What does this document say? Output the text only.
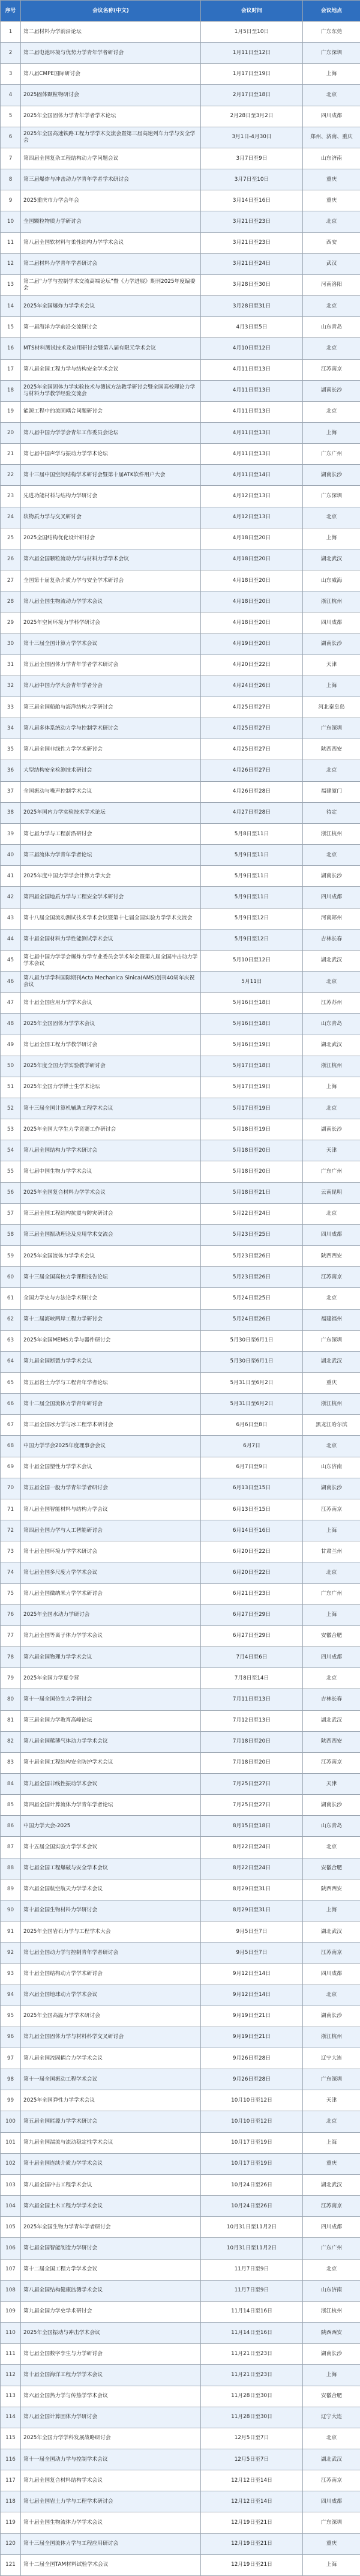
序号	会议名称(中文)	会议时间	会议地点
1	第二届材料力学前沿论坛	1月5日至10日	广东东莞
2	第二届电池环境与优势力学青年学者研讨会	1月11日至12日	广东深圳
3	第八届CMPE国际研讨会	1月17日至19日	上海
4	2025固体颗粒物研讨会	2月17日至18日	北京
5	2025年全国固体力学青年学者学术论坛	2月28日至3月2日	四川成都
6	2025年全国高速铁路工程力学学术交流会暨第三届高速列车力学与安全学会	3月1日-4月30日	郑州、济南、重庆
7	第四届全国复杂工程结构动力学问题会议	3月7日至9日	山东济南
8	第三届爆炸与冲击动力学青年学者学术研讨会	3月7日至10日	重庆
9	2025重庆市力学会年会	3月14日至16日	重庆
10	全国颗粒物质力学研讨会	3月21日至23日	北京
11	第八届全国软材料与柔性结构力学学术会议	3月21日至23日	西安
12	第二届材料力学青年学者研讨会	3月21日至24日	武汉
13	第二届“力学与控制学术交流高端论坛”暨《力学进展》期刊2025年度编委会	3月28日至30日	河南洛阳
14	2025年全国爆炸力学学术会议	3月28日至31日	北京
15	第一届海洋力学前沿交流研讨会	4月3日至5日	山东青岛
16	MTS材料测试技术及应用研讨会暨第八届有限元学术会议	4月10日至12日	北京
17	第八届全国工程力学与结构安全学术会议	4月11日至13日	江苏南京
18	2025年全国固体力学实验技术与测试方法教学研讨会暨全国高校理论力学与材料力学教学经验交流会	4月11日至13日	湖南长沙
19	能源工程中的流固耦合问题研讨会	4月11日至13日	北京
20	第八届中国力学学会青年工作委员会论坛	4月11日至13日	上海
21	第七届中国声学与振动力学学术论坛	4月11日至13日	广东广州
22	第十三届中国空间结构学术研讨会暨第十届ATK软件用户大会	4月11日至14日	湖南长沙
23	先进功能材料与结构力学研讨会	4月12日至13日	广东深圳
24	软物质力学与交叉研讨会	4月12日至13日	北京
25	2025全国结构优化设计研讨会	4月18日至20日	上海
26	第六届全国颗粒流动力学与材料力学学术会议	4月18日至20日	湖北武汉
27	全国第十届复杂介质力学与安全学术研讨会	4月18日至20日	山东威海
28	第八届全国生物流动力学学术会议	4月18日至20日	浙江杭州
29	2025年空间环境力学科学研讨会	4月18日至20日	四川成都
30	第十三届全国计算力学学术会议	4月19日至20日	湖南长沙
31	第五届全国固体力学青年学者学术研讨会	4月20日至22日	天津
32	第八届中国力学大会青年学者分会	4月24日至26日	上海
33	第三届全国船舶与海洋结构力学研讨会	4月25日至27日	河北秦皇岛
34	第八届多体系统动力学与控制学术研讨会	4月25日至27日	广东深圳
35	第八届全国非线性力学学术研讨会	4月25日至27日	陕西西安
36	大型结构安全检测技术研讨会	4月26日至27日	北京
37	全国振动与噪声控制学术会议	4月26日至28日	福建厦门
38	2025年国内力学实验技术学术论坛	4月27日至28日	待定
39	第七届力学与工程前沿研讨会	5月8日至11日	浙江杭州
40	第三届流体力学青年学者论坛	5月9日至11日	北京
41	2025年度中国力学学会计算力学大会	5月9日至11日	湖南长沙
42	第四届全国地质力学与工程安全学术研讨会	5月9日至11日	四川成都
43	第十八届全国流动测试技术学术会议暨第十七届全国实验力学学术交流会	5月9日至12日	河南郑州
44	第十届全国材料力学性能测试学术会议	5月9日至12日	吉林长春
45	第七届中国力学学会爆炸力学专业委员会学术年会暨第九届全国冲击动力学学术会议	5月10日至12日	湖北武汉
46	第八届力学学科国际期刊Acta Mechanica Sinica(AMS)创刊40周年庆祝会议	5月11日	北京
47	第十届全国应用力学学术会议	5月16日至18日	江苏苏州
48	2025年全国固体力学学术会议	5月16日至18日	山东青岛
49	第七届全国工程力学教学研讨会	5月16日至19日	湖北武汉
50	2025年度全国力学实验教学研讨会	5月17日至18日	浙江杭州
51	2025年全国力学博士生学术论坛	5月17日至19日	上海
52	第十三届全国计算机辅助工程学术会议	5月17日至19日	北京
53	2025年全国大学生力学竞赛工作研讨会	5月18日至19日	湖南长沙
54	第八届全国结构力学学术研讨会	5月18日至20日	天津
55	第七届中国生物力学学术会议	5月18日至20日	广东广州
56	2025年全国复合材料力学学术会议	5月18日至21日	云南昆明
57	第三届全国工程结构抗震与防灾研讨会	5月22日至24日	北京
58	第三届全国振动理论及应用学术交流会	5月23日至25日	四川成都
59	2025年全国流体力学学术会议	5月23日至26日	陕西西安
60	第十三届全国高校力学课程报告论坛	5月23日至26日	江苏南京
61	全国力学史与方法论学术研讨会	5月24日至25日	北京
62	第十二届海峡两岸工程力学研讨会	5月24日至26日	福建福州
63	2025年全国MEMS力学与器件研讨会	5月30日至6月1日	广东深圳
64	第九届全国断裂力学学术会议	5月30日至6月1日	湖北武汉
65	第五届岩土力学与工程青年学者论坛	5月31日至6月2日	重庆
66	第十二届全国流体力学青年研讨会	5月31日至6月2日	浙江杭州
67	第三届全国冰力学与冰工程学术研讨会	6月6日至8日	黑龙江哈尔滨
68	中国力学学会2025年度理事会会议	6月7日	北京
69	第十届全国塑性力学学术会议	6月7日至9日	山东济南
70	第五届全国一般力学青年学者研讨会	6月13日至15日	湖南长沙
71	第八届全国智能材料与结构力学会议	6月13日至15日	江苏南京
72	第四届全国力学与人工智能研讨会	6月14日至16日	上海
73	第十届全国环境力学学术研讨会	6月20日至22日	甘肃兰州
74	第七届全国多尺度力学学术会议	6月20日至22日	北京
75	第八届全国微纳米力学学术研讨会	6月21日至23日	广东广州
76	2025年全国水动力学研讨会	6月27日至29日	上海
77	第九届全国等离子体力学学术会议	6月27日至29日	安徽合肥
78	第六届全国物理力学学术会议	7月4日至6日	四川成都
79	2025年全国力学夏令营	7月8日至14日	北京
80	第十一届全国仿生力学研讨会	7月11日至13日	吉林长春
81	第三届全国力学教育高峰论坛	7月12日至13日	湖北武汉
82	第八届全国稀薄气体动力学学术会议	7月18日至20日	陕西西安
83	第十届全国工程结构安全防护学术会议	7月18日至20日	江苏南京
84	第九届全国非线性振动学术会议	7月25日至27日	天津
85	第四届全国计算流体力学青年学者论坛	7月25日至27日	湖南长沙
86	中国力学大会-2025	8月15日至18日	山东青岛
87	第十五届全国实验力学学术会议	8月22日至24日	北京
88	第七届全国工程爆破与安全学术会议	8月22日至24日	安徽合肥
89	第六届全国航空航天力学学术会议	8月29日至31日	陕西西安
90	第十届全国生物材料力学研讨会	8月29日至31日	上海
91	2025年全国岩石力学与工程学术大会	9月5日至7日	湖北武汉
92	第七届全国动力学与控制青年学者研讨会	9月5日至7日	江苏南京
93	第十届全国结构动力学学术研讨会	9月12日至14日	四川成都
94	第六届全国地球动力学学术会议	9月12日至14日	北京
95	2025年全国高温力学学术研讨会	9月19日至21日	湖南长沙
96	第九届全国固体力学与材料科学交叉研讨会	9月19日至21日	浙江杭州
97	第八届全国流固耦合力学学术会议	9月26日至28日	辽宁大连
98	第十一届全国振动工程学术会议	9月26日至28日	广东深圳
99	2025年全国弹性力学学术会议	10月10日至12日	天津
100	第五届全国能源力学学术研讨会	10月10日至12日	北京
101	第九届全国湍流与流动稳定性学术会议	10月17日至19日	上海
102	第十届全国连续介质力学学术会议	10月17日至19日	重庆
103	第八届全国冲击工程学术会议	10月24日至26日	湖北武汉
104	第六届全国土木工程力学学术会议	10月24日至26日	江苏南京
105	2025年全国生物力学青年学者研讨会	10月31日至11月2日	四川成都
106	第七届全国智能制造力学研讨会	10月31日至11月2日	广东广州
107	第十二届全国工程力学学术会议	11月7日至9日	北京
108	第八届全国结构健康监测学术会议	11月7日至9日	山东济南
109	第九届全国力学史学术研讨会	11月14日至16日	浙江杭州
110	2025年全国振动与冲击学术会议	11月14日至16日	陕西西安
111	第七届全国数字孪生与力学研讨会	11月21日至23日	湖南长沙
112	第十届全国海洋工程力学学术会议	11月21日至23日	上海
113	第六届全国热力学与传热学学术会议	11月28日至30日	安徽合肥
114	第八届全国计算固体力学研讨会	11月28日至30日	辽宁大连
115	2025年全国力学学科发展战略研讨会	12月5日至7日	北京
116	第十一届全国动力学与控制学术会议	12月5日至7日	湖北武汉
117	第九届全国复合材料结构学术会议	12月12日至14日	江苏南京
118	第七届全国岩土力学与工程学术研讨会	12月12日至14日	四川成都
119	第十届全国生物流体力学学术会议	12月19日至21日	广东深圳
120	第十三届全国流体力学与工程应用研讨会	12月19日至21日	重庆
121	第十二届全国TAM材料试验学术会议	12月19日至21日	上海
